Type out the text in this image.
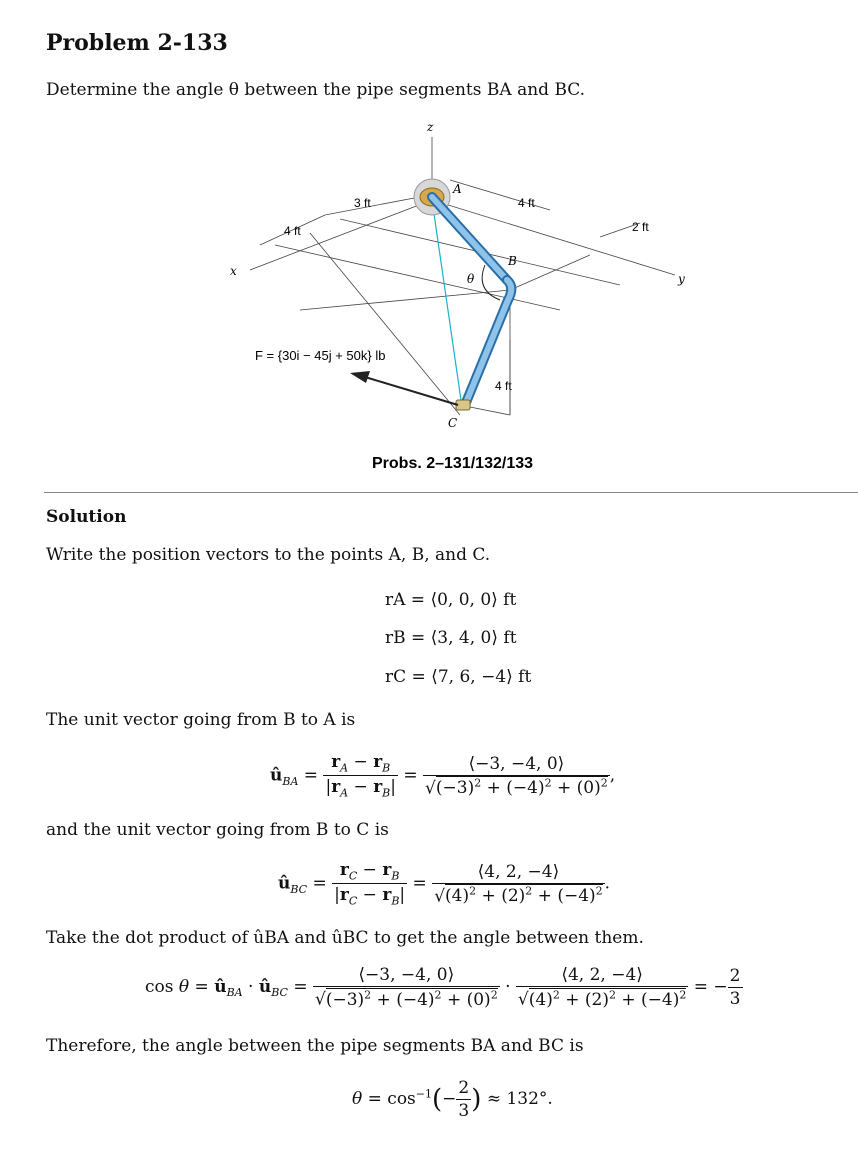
Problem 2-133
Determine the angle θ between the pipe segments BA and BC.
z
x
y
3 ft
4 ft
4 ft
2 ft
4 ft
A
B
C
θ
F = {30i − 45j + 50k} lb
Probs. 2–131/132/133
Solution
Write the position vectors to the points A, B, and C.
rA = ⟨0, 0, 0⟩ ft
rB = ⟨3, 4, 0⟩ ft
rC = ⟨7, 6, −4⟩ ft
The unit vector going from B to A is
$û_{BA} = \frac{r_A - r_B}{|r_A - r_B|} = \frac{⟨-3, -4, 0⟩}{√(-3)^2 + (-4)^2 + (0)^2}$ ,
and the unit vector going from B to C is
$û_{BC} = \frac{r_C - r_B}{|r_C - r_B|} = \frac{⟨4, 2, -4⟩}{√(4)^2 + (2)^2 + (-4)^2}$ .
Take the dot product of ûBA and ûBC to get the angle between them.
$\cos \theta = û_{BA}$ · $û_{BC} = \frac{⟨-3, -4, 0⟩}{√(-3)^2 + (-4)^2 + (0)^2} \cdot \frac{⟨4, 2, -4⟩}{√(4)^2 + (2)^2 + (-4)^2}$ = − $\frac{2}{3}$
Therefore, the angle between the pipe segments BA and BC is
$\theta = \cos^{-1}(- \frac{2}{3}$ ) ≈ 132°.
